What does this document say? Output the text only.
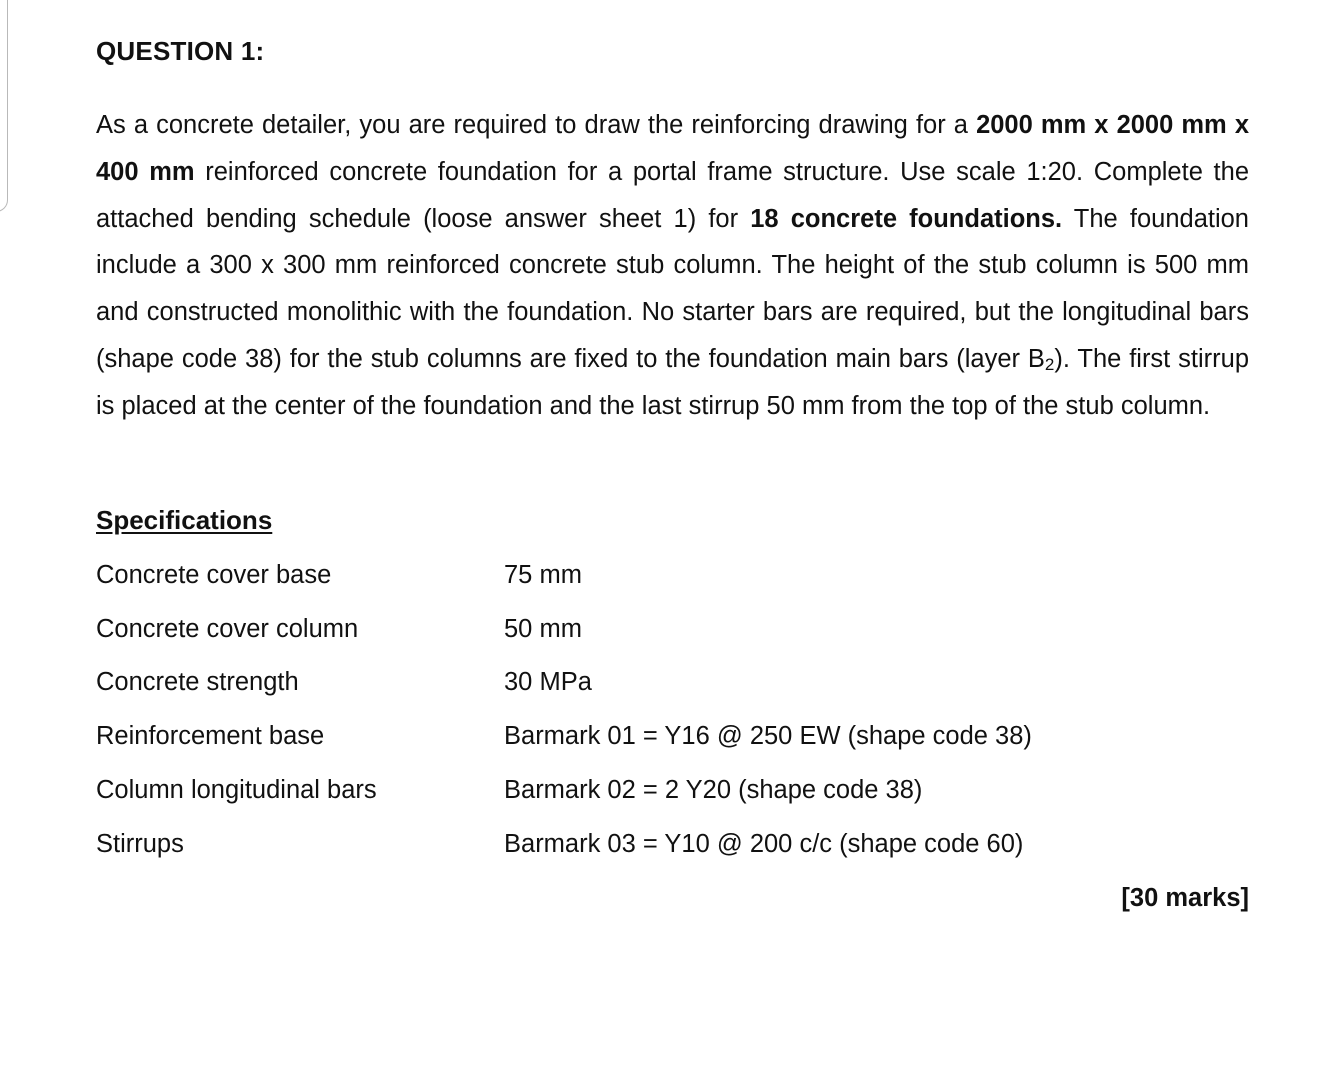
QUESTION 1:

As a concrete detailer, you are required to draw the reinforcing drawing for a 2000 mm x 2000 mm x 400 mm reinforced concrete foundation for a portal frame structure. Use scale 1:20. Complete the attached bending schedule (loose answer sheet 1) for 18 concrete foundations. The foundation include a 300 x 300 mm reinforced concrete stub column. The height of the stub column is 500 mm and constructed monolithic with the foundation. No starter bars are required, but the longitudinal bars (shape code 38) for the stub columns are fixed to the foundation main bars (layer $B_2$). The first stirrup is placed at the center of the foundation and the last stirrup 50 mm from the top of the stub column.

Specifications
Concrete cover base	75 mm
Concrete cover column	50 mm
Concrete strength	30 MPa
Reinforcement base	Barmark 01 = Y16 @ 250 EW (shape code 38)
Column longitudinal bars	Barmark 02 = 2 Y20 (shape code 38)
Stirrups	Barmark 03 = Y10 @ 200 c/c (shape code 60)
[30 marks]
